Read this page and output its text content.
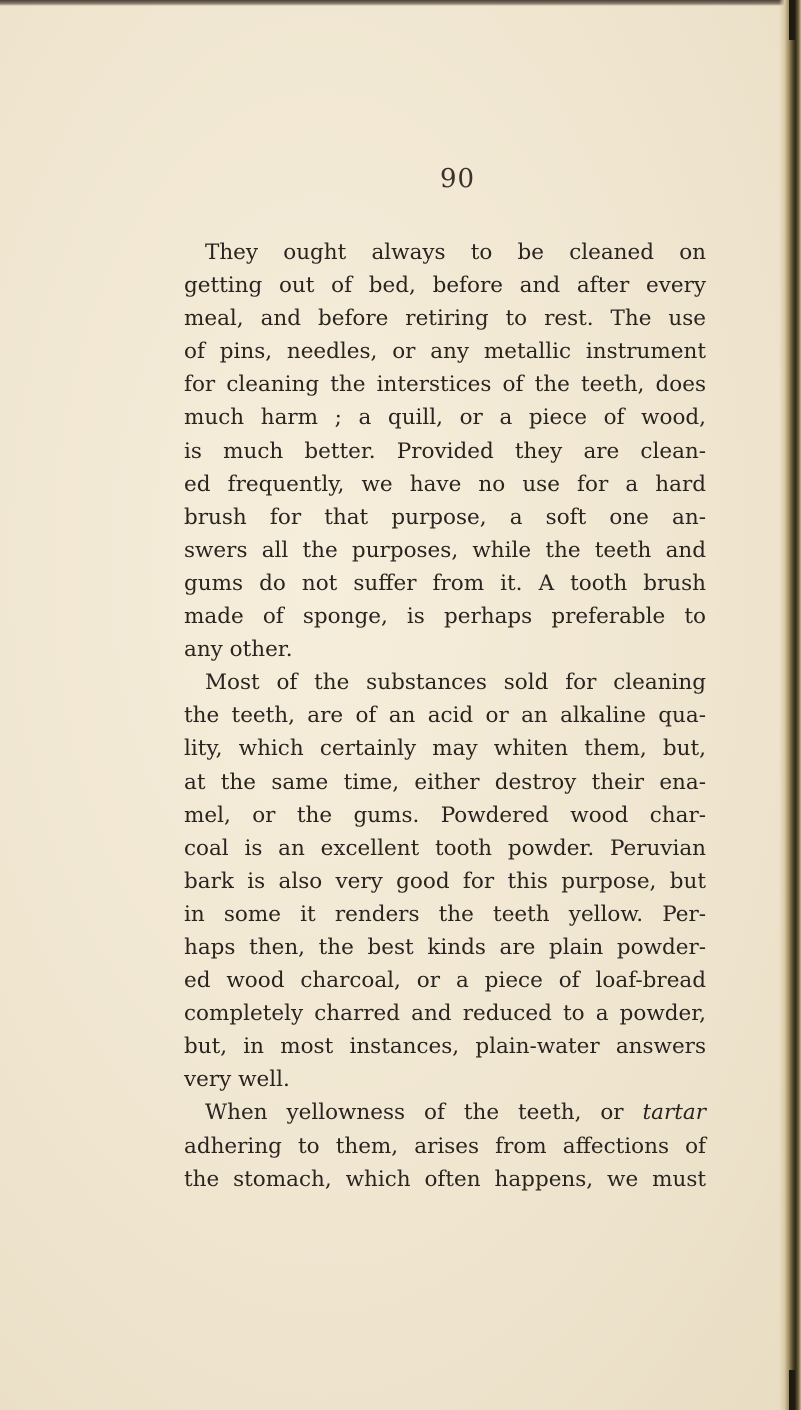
90
They ought always to be cleaned on
getting out of bed, before and after every
meal, and before retiring to rest. The use
of pins, needles, or any metallic instrument
for cleaning the interstices of the teeth, does
much harm ; a quill, or a piece of wood,
is much better. Provided they are clean-
ed frequently, we have no use for a hard
brush for that purpose, a soft one an-
swers all the purposes, while the teeth and
gums do not suffer from it. A tooth brush
made of sponge, is perhaps preferable to
any other.
Most of the substances sold for cleaning
the teeth, are of an acid or an alkaline qua-
lity, which certainly may whiten them, but,
at the same time, either destroy their ena-
mel, or the gums. Powdered wood char-
coal is an excellent tooth powder. Peruvian
bark is also very good for this purpose, but
in some it renders the teeth yellow. Per-
haps then, the best kinds are plain powder-
ed wood charcoal, or a piece of loaf-bread
completely charred and reduced to a powder,
but, in most instances, plain-water answers
very well.
When yellowness of the teeth, or tartar
adhering to them, arises from affections of
the stomach, which often happens, we must
